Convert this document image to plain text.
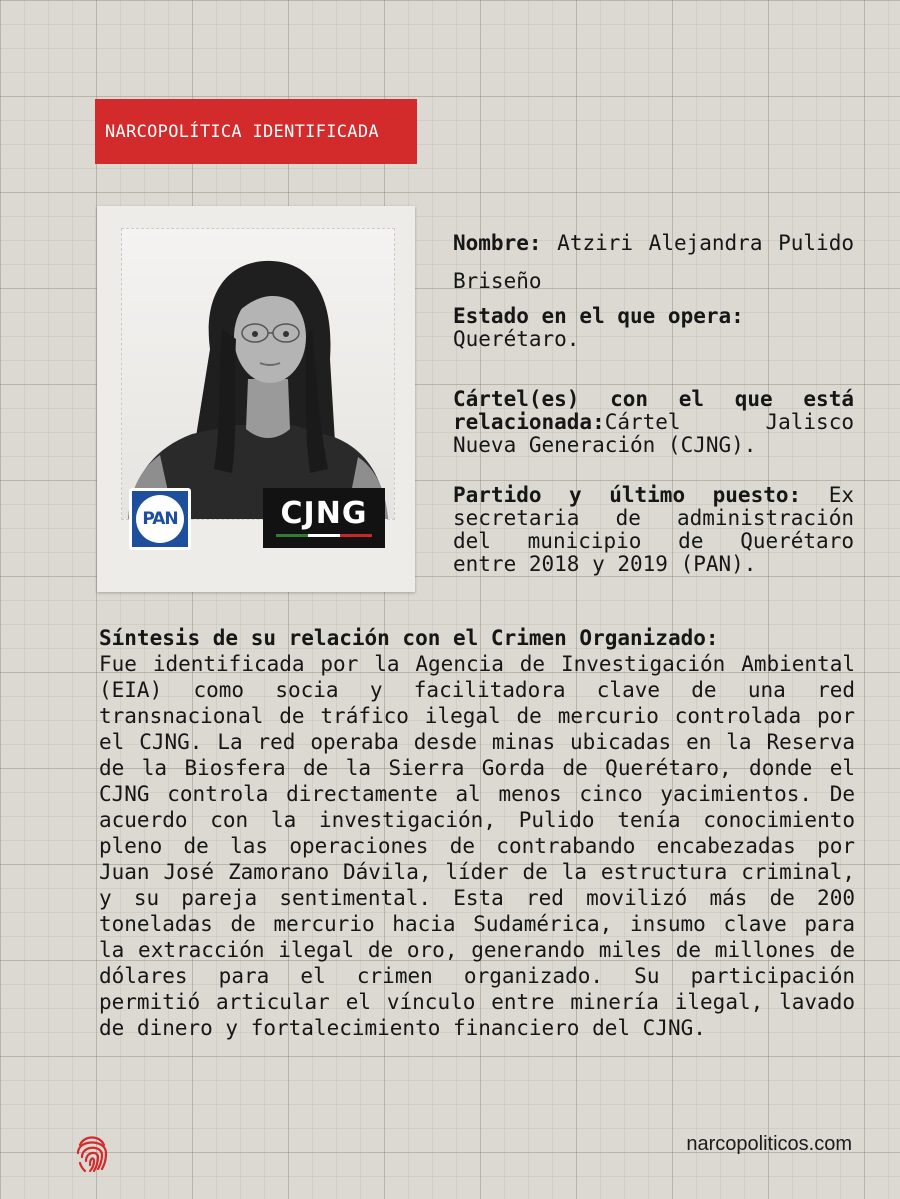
NARCOPOLÍTICA IDENTIFICADA
PAN	CJNG
Nombre: Atziri Alejandra Pulido Briseño
Estado en el que opera:
Querétaro.
Cártel(es) con el que está relacionada:Cártel Jalisco Nueva Generación (CJNG).
Partido y último puesto: Ex secretaria de administración del municipio de Querétaro entre 2018 y 2019 (PAN).
Síntesis de su relación con el Crimen Organizado:
Fue identificada por la Agencia de Investigación Ambiental (EIA) como socia y facilitadora clave de una red transnacional de tráfico ilegal de mercurio controlada por el CJNG. La red operaba desde minas ubicadas en la Reserva de la Biosfera de la Sierra Gorda de Querétaro, donde el CJNG controla directamente al menos cinco yacimientos. De acuerdo con la investigación, Pulido tenía conocimiento pleno de las operaciones de contrabando encabezadas por Juan José Zamorano Dávila, líder de la estructura criminal, y su pareja sentimental. Esta red movilizó más de 200 toneladas de mercurio hacia Sudamérica, insumo clave para la extracción ilegal de oro, generando miles de millones de dólares para el crimen organizado. Su participación permitió articular el vínculo entre minería ilegal, lavado de dinero y fortalecimiento financiero del CJNG.
narcopoliticos.com
